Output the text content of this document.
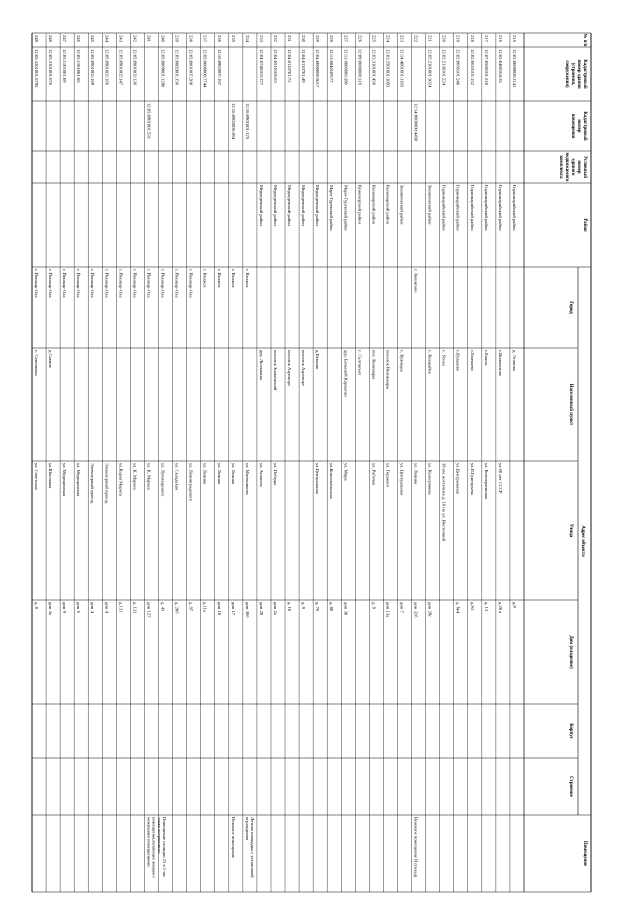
Адрес объекта
№ п/п
Кадастровый
номер здания
(строения,
сооружения)
Кадастровый
номер
помещения
Условный
номер
единого
недвижимого
комплекса
Район
Город
Населенный пункт
Улица
Дом (владение)
Корпус
Строение
Помещение
215
12:02:0000000:2141
Горномарийский район
д. Эсяново
д.9
216
12:02:0480104:35
Горномарийский район
с.Виловатово
ул.60 лет СССР
д.28 а
217
12:07:0560101:210
Горномарийский район
с.Еласы
ул. Кооперативная
д. 13
218
12:02:0610101:152
Горномарийский район
с.Емешево
ул.П.Григорьева
д.93
219
12:02:0660101:240
Горномарийский район
с.Кулаково
ул.Центральная
д. №4
220
12:02:2130101:224
Горномарийский район
с. Усола
39 км. восточнее д. 16 по ул. Восточной
221
12:05:2101001:3024
Звениговский район
с. Кокшайск
ул. Кологривова
дом 29г
222
12:14:0000000:4450
г. Звенигово
ул. Ленина
дом 32б
Нежилое помещение II (склад)
223
12:14:4001001:1105
Звениговский район
с. Кужмара
ул. Центральная
дом 7
224
12:03:2501001:1093
Килемарский район
поселок Визимьяры
ул. Горького
дом 13а
225
12:03:3101001:456
Килемарский район
пос. Килемары
ул. Рабочая
д. 9
226
12:09:0000000:316
Куженерский район
с. Салтакъял
227
12:11:0000000:390
Мари-Турекский район
дер. Большой Карлыган
ул. Мира
дом 38
228
12:11:0840109:77
Мари-Турекский район
ул.Комсомольская
д. 80
229
12:04:0000000:5017
Медведевский район
д.Пекшик
ул.Центральная
д. 76
230
12:04:0110701:49
Медведевский район
поселок Аэропорт
д. 9
231
12:04:0110701:72
Медведевский район
поселок Аэропорт
д. 10
232
12:04:0510105:63
Медведевский район
поселок Знаменский
ул. Победы
дом 2а
233
12:04:0740103:377
Медведевский район
дер. Люльпаны
ул. Атланты
дом 20
234
12:16:0901001:125
г. Волжск
ул. Матюнинско
дом 30б
Летняя площадка с установкой
ограждения
235
12:16:0902006:394
г. Волжск
ул. Ленина
дом 17
Нежилое помещение
236
12:16:0902007:167
г. Волжск
ул. Ленина
дом 10
237
12:05:0000000:7744
г. Волжск
ул. Ленина
д.11а
238
12:05:0801007:208
г. Йошкар-Ола
ул. Ленинградского
д. 97
239
12:05:0802001:156
г. Йошкар-Ола
ул. Складская
д. 20б
240
12:05:0809001:1290
г. Йошкар-Ола
ул. Луначарского
д. 43
241
12:05:0901001:531
г. Йошкар-Ола
ул. К. Маркса
дом 127
Помещение позиции 23 в 1-ом
этаже встроенного
помещения,являющее жилым с
нежилыми помещениями
242
12:05:0901002:136
г. Йошкар-Ола
ул. К. Маркса
д. 131
243
12:05:0901002:147
г. Йошкар-Ола
ул.Карла Маркса
д.131
244
12:05:0901002:166
г. Йошкар-Ола
Элеваторный проезд
дом 4
245
12:05:0901002:169
г. Йошкар-Ола
Элеваторный проезд
дом 4
246
12:05:1101001:66
г. Йошкар-Ола
ул. Медицинская
дом 6
247
12:05:1101001:69
г. Йошкар-Ола
ул. Медицинская
дом 9
248
12:05:3101001:670
г. Йошкар-Ола
д.Савино
ул.Школьная
дом 3а
249
12:05:3301001:5795
г. Йошкар-Ола
с. Семеновка
ул. Советская
д. 8
